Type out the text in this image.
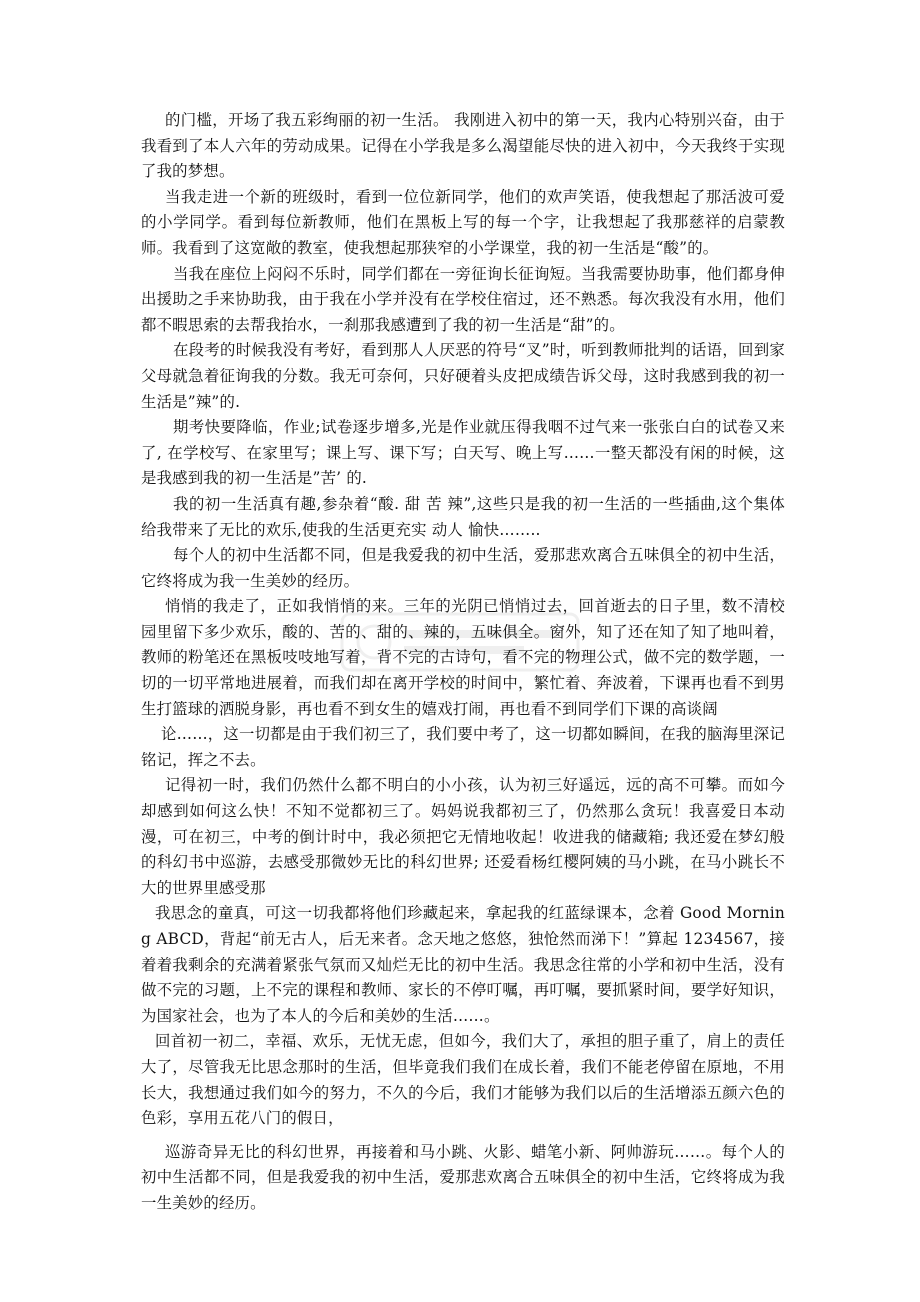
的门槛，开场了我五彩绚丽的初一生活。 我刚进入初中的第一天，我内心特别兴奋，由于我看到了本人六年的劳动成果。记得在小学我是多么渴望能尽快的进入初中，今天我终于实现了我的梦想。

当我走进一个新的班级时，看到一位位新同学，他们的欢声笑语，使我想起了那活波可爱的小学同学。看到每位新教师，他们在黑板上写的每一个字，让我想起了我那慈祥的启蒙教师。我看到了这宽敞的教室，使我想起那狭窄的小学课堂，我的初一生活是“酸”的。

当我在座位上闷闷不乐时，同学们都在一旁征询长征询短。当我需要协助事，他们都身伸出援助之手来协助我，由于我在小学并没有在学校住宿过，还不熟悉。每次我没有水用，他们都不暇思索的去帮我抬水，一刹那我感遭到了我的初一生活是“甜”的。

在段考的时候我没有考好，看到那人人厌恶的符号“叉”时，听到教师批判的话语，回到家父母就急着征询我的分数。我无可奈何，只好硬着头皮把成绩告诉父母，这时我感到我的初一生活是”辣”的.

期考快要降临，作业;试卷逐步增多,光是作业就压得我咽不过气来一张张白白的试卷又来了, 在学校写、在家里写；课上写、课下写；白天写、晚上写……一整天都没有闲的时候，这是我感到我的初一生活是”苦’ 的.

我的初一生活真有趣,参杂着“酸. 甜 苦 辣”,这些只是我的初一生活的一些插曲,这个集体给我带来了无比的欢乐,使我的生活更充实 动人 愉快……..

每个人的初中生活都不同，但是我爱我的初中生活，爱那悲欢离合五味俱全的初中生活，它终将成为我一生美妙的经历。

悄悄的我走了，正如我悄悄的来。三年的光阴已悄悄过去，回首逝去的日子里，数不清校园里留下多少欢乐，酸的、苦的、甜的、辣的，五味俱全。窗外，知了还在知了知了地叫着，教师的粉笔还在黑板吱吱地写着，背不完的古诗句，看不完的物理公式，做不完的数学题，一切的一切平常地进展着，而我们却在离开学校的时间中，繁忙着、奔波着，下课再也看不到男生打篮球的洒脱身影，再也看不到女生的嬉戏打闹，再也看不到同学们下课的高谈阔

论……，这一切都是由于我们初三了，我们要中考了，这一切都如瞬间，在我的脑海里深记铭记，挥之不去。

记得初一时，我们仍然什么都不明白的小小孩，认为初三好遥远，远的高不可攀。而如今却感到如何这么快！不知不觉都初三了。妈妈说我都初三了，仍然那么贪玩！我喜爱日本动漫，可在初三，中考的倒计时中，我必须把它无情地收起！收进我的储藏箱; 我还爱在梦幻般的科幻书中巡游，去感受那微妙无比的科幻世界; 还爱看杨红樱阿姨的马小跳，在马小跳长不大的世界里感受那

我思念的童真，可这一切我都将他们珍藏起来，拿起我的红蓝绿课本，念着 Good Morning ABCD，背起“前无古人，后无来者。念天地之悠悠，独怆然而涕下！”算起 1234567，接着着我剩余的充满着紧张气氛而又灿烂无比的初中生活。我思念往常的小学和初中生活，没有做不完的习题，上不完的课程和教师、家长的不停叮嘱，再叮嘱，要抓紧时间，要学好知识，为国家社会，也为了本人的今后和美妙的生活……。

回首初一初二，幸福、欢乐，无忧无虑，但如今，我们大了，承担的胆子重了，肩上的责任大了，尽管我无比思念那时的生活，但毕竟我们我们在成长着，我们不能老停留在原地，不用长大，我想通过我们如今的努力，不久的今后，我们才能够为我们以后的生活增添五颜六色的色彩，享用五花八门的假日，

巡游奇异无比的科幻世界，再接着和马小跳、火影、蜡笔小新、阿帅游玩……。每个人的初中生活都不同，但是我爱我的初中生活，爱那悲欢离合五味俱全的初中生活，它终将成为我一生美妙的经历。
